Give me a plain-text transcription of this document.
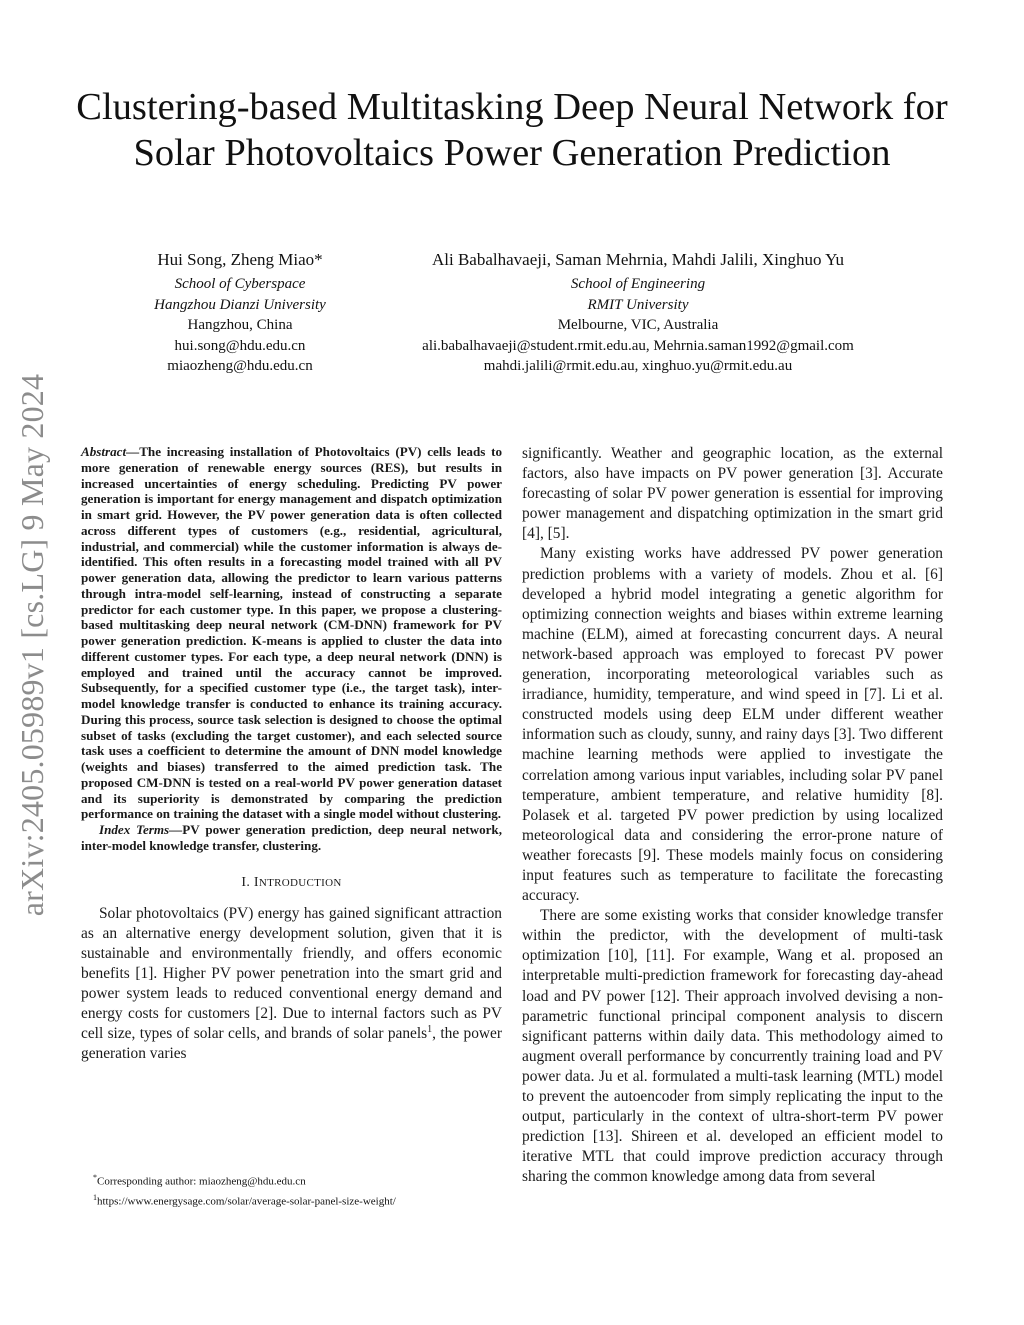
arXiv:2405.05989v1 [cs.LG] 9 May 2024
Clustering-based Multitasking Deep Neural Network for Solar Photovoltaics Power Generation Prediction
Hui Song, Zheng Miao*
School of Cyberspace
Hangzhou Dianzi University
Hangzhou, China
hui.song@hdu.edu.cn
miaozheng@hdu.edu.cn
Ali Babalhavaeji, Saman Mehrnia, Mahdi Jalili, Xinghuo Yu
School of Engineering
RMIT University
Melbourne, VIC, Australia
ali.babalhavaeji@student.rmit.edu.au, Mehrnia.saman1992@gmail.com
mahdi.jalili@rmit.edu.au, xinghuo.yu@rmit.edu.au

Abstract—The increasing installation of Photovoltaics (PV) cells leads to more generation of renewable energy sources (RES), but results in increased uncertainties of energy scheduling. Predicting PV power generation is important for energy management and dispatch optimization in smart grid. However, the PV power generation data is often collected across different types of customers (e.g., residential, agricultural, industrial, and commercial) while the customer information is always de-identified. This often results in a forecasting model trained with all PV power generation data, allowing the predictor to learn various patterns through intra-model self-learning, instead of constructing a separate predictor for each customer type. In this paper, we propose a clustering-based multitasking deep neural network (CM-DNN) framework for PV power generation prediction. K-means is applied to cluster the data into different customer types. For each type, a deep neural network (DNN) is employed and trained until the accuracy cannot be improved. Subsequently, for a specified customer type (i.e., the target task), inter-model knowledge transfer is conducted to enhance its training accuracy. During this process, source task selection is designed to choose the optimal subset of tasks (excluding the target customer), and each selected source task uses a coefficient to determine the amount of DNN model knowledge (weights and biases) transferred to the aimed prediction task. The proposed CM-DNN is tested on a real-world PV power generation dataset and its superiority is demonstrated by comparing the prediction performance on training the dataset with a single model without clustering.

Index Terms—PV power generation prediction, deep neural network, inter-model knowledge transfer, clustering.

I. INTRODUCTION

Solar photovoltaics (PV) energy has gained significant attraction as an alternative energy development solution, given that it is sustainable and environmentally friendly, and offers economic benefits [1]. Higher PV power penetration into the smart grid and power system leads to reduced conventional energy demand and energy costs for customers [2]. Due to internal factors such as PV cell size, types of solar cells, and brands of solar panels$^1$, the power generation varies

significantly. Weather and geographic location, as the external factors, also have impacts on PV power generation [3]. Accurate forecasting of solar PV power generation is essential for improving power management and dispatching optimization in the smart grid [4], [5].

Many existing works have addressed PV power generation prediction problems with a variety of models. Zhou et al. [6] developed a hybrid model integrating a genetic algorithm for optimizing connection weights and biases within extreme learning machine (ELM), aimed at forecasting concurrent days. A neural network-based approach was employed to forecast PV power generation, incorporating meteorological variables such as irradiance, humidity, temperature, and wind speed in [7]. Li et al. constructed models using deep ELM under different weather information such as cloudy, sunny, and rainy days [3]. Two different machine learning methods were applied to investigate the correlation among various input variables, including solar PV panel temperature, ambient temperature, and relative humidity [8]. Polasek et al. targeted PV power prediction by using localized meteorological data and considering the error-prone nature of weather forecasts [9]. These models mainly focus on considering input features such as temperature to facilitate the forecasting accuracy.

There are some existing works that consider knowledge transfer within the predictor, with the development of multi-task optimization [10], [11]. For example, Wang et al. proposed an interpretable multi-prediction framework for forecasting day-ahead load and PV power [12]. Their approach involved devising a non-parametric functional principal component analysis to discern significant patterns within daily data. This methodology aimed to augment overall performance by concurrently training load and PV power data. Ju et al. formulated a multi-task learning (MTL) model to prevent the autoencoder from simply replicating the input to the output, particularly in the context of ultra-short-term PV power prediction [13]. Shireen et al. developed an efficient model to iterative MTL that could improve prediction accuracy through sharing the common knowledge among data from several

*Corresponding author: miaozheng@hdu.edu.cn
$^1$https://www.energysage.com/solar/average-solar-panel-size-weight/
